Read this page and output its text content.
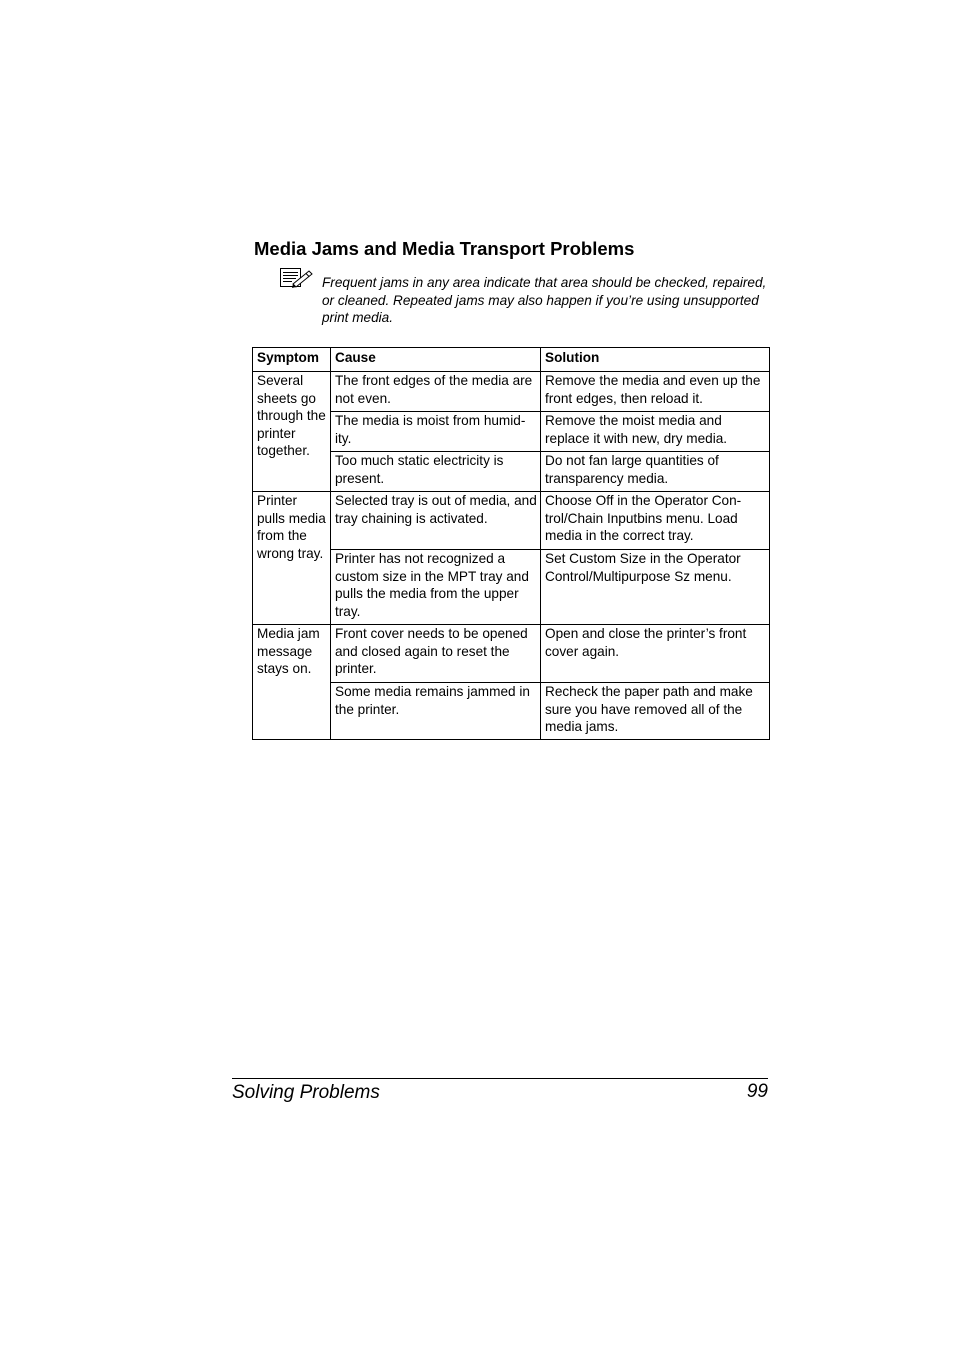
Media Jams and Media Transport Problems

Frequent jams in any area indicate that area should be checked, repaired, or cleaned. Repeated jams may also happen if you’re using unsupported print media.

Symptom	Cause	Solution
Several sheets go through the printer together.	The front edges of the media are not even.	Remove the media and even up the front edges, then reload it.
	The media is moist from humid-ity.	Remove the moist media and replace it with new, dry media.
	Too much static electricity is present.	Do not fan large quantities of transparency media.
Printer pulls media from the wrong tray.	Selected tray is out of media, and tray chaining is activated.	Choose Off in the Operator Con-trol/Chain Inputbins menu. Load media in the correct tray.
	Printer has not recognized a custom size in the MPT tray and pulls the media from the upper tray.	Set Custom Size in the Operator Control/Multipurpose Sz menu.
Media jam message stays on.	Front cover needs to be opened and closed again to reset the printer.	Open and close the printer’s front cover again.
	Some media remains jammed in the printer.	Recheck the paper path and make sure you have removed all of the media jams.
Solving Problems	99
